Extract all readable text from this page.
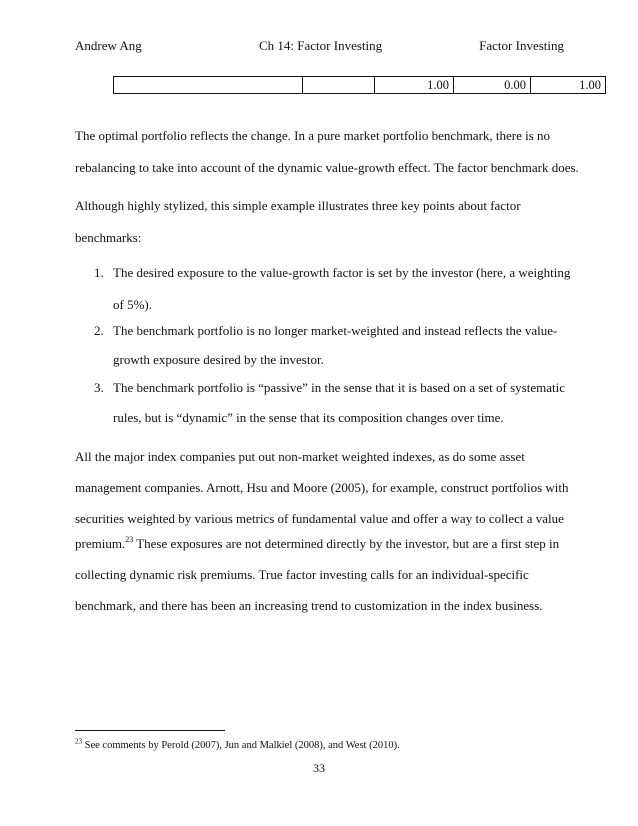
Andrew Ang	Ch 14: Factor Investing	Factor Investing
		1.00	0.00	1.00
The optimal portfolio reflects the change. In a pure market portfolio benchmark, there is no
rebalancing to take into account of the dynamic value-growth effect. The factor benchmark does.
Although highly stylized, this simple example illustrates three key points about factor
benchmarks:
1. The desired exposure to the value-growth factor is set by the investor (here, a weighting
of 5%).
2. The benchmark portfolio is no longer market-weighted and instead reflects the value-
growth exposure desired by the investor.
3. The benchmark portfolio is “passive” in the sense that it is based on a set of systematic
rules, but is “dynamic” in the sense that its composition changes over time.
All the major index companies put out non-market weighted indexes, as do some asset
management companies. Arnott, Hsu and Moore (2005), for example, construct portfolios with
securities weighted by various metrics of fundamental value and offer a way to collect a value
premium.$^{23}$ These exposures are not determined directly by the investor, but are a first step in
collecting dynamic risk premiums. True factor investing calls for an individual-specific
benchmark, and there has been an increasing trend to customization in the index business.
$^{23}$ See comments by Perold (2007), Jun and Malkiel (2008), and West (2010).
33
